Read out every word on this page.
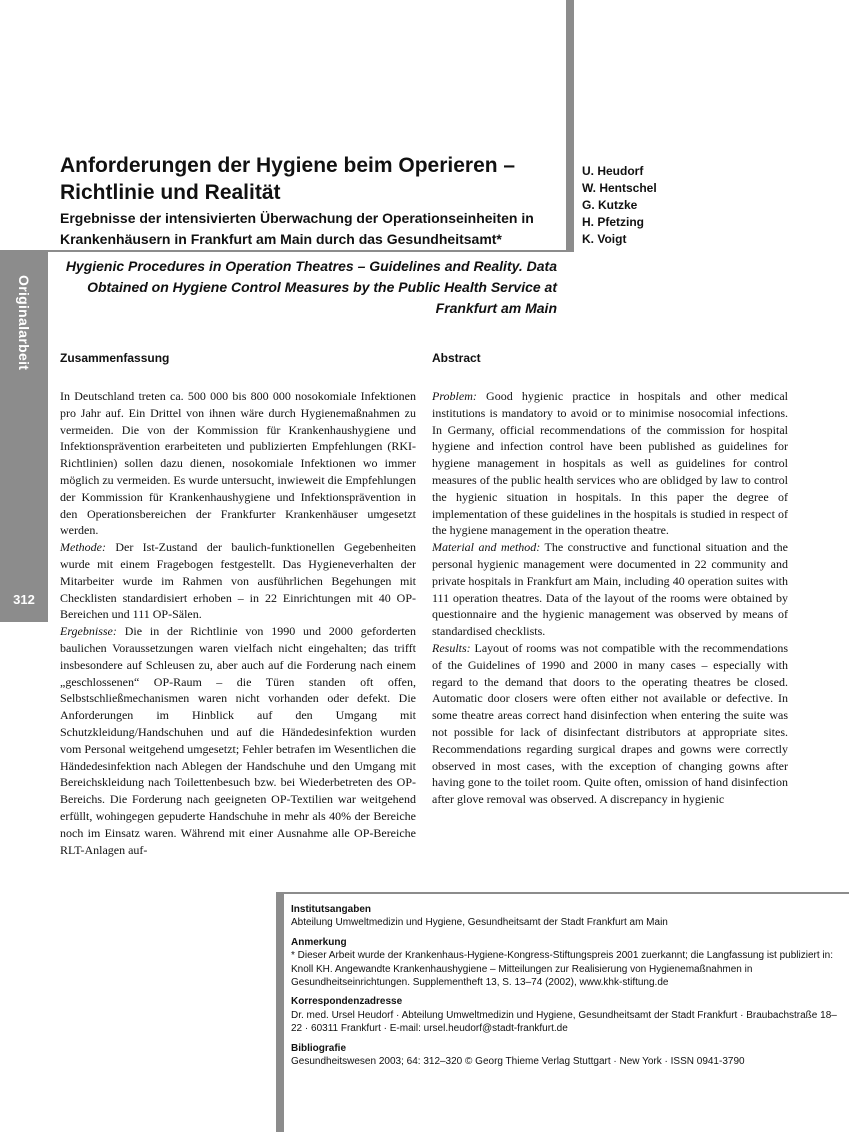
Originalarbeit
312
Anforderungen der Hygiene beim Operieren – Richtlinie und Realität
Ergebnisse der intensivierten Überwachung der Operationseinheiten in Krankenhäusern in Frankfurt am Main durch das Gesundheitsamt*
U. Heudorf
W. Hentschel
G. Kutzke
H. Pfetzing
K. Voigt
Hygienic Procedures in Operation Theatres – Guidelines and Reality. Data Obtained on Hygiene Control Measures by the Public Health Service at Frankfurt am Main
Zusammenfassung

In Deutschland treten ca. 500 000 bis 800 000 nosokomiale Infektionen pro Jahr auf. Ein Drittel von ihnen wäre durch Hygienemaßnahmen zu vermeiden. Die von der Kommission für Krankenhaushygiene und Infektionsprävention erarbeiteten und publizierten Empfehlungen (RKI-Richtlinien) sollen dazu dienen, nosokomiale Infektionen wo immer möglich zu vermeiden. Es wurde untersucht, inwieweit die Empfehlungen der Kommission für Krankenhaushygiene und Infektionsprävention in den Operationsbereichen der Frankfurter Krankenhäuser umgesetzt werden.

Methode: Der Ist-Zustand der baulich-funktionellen Gegebenheiten wurde mit einem Fragebogen festgestellt. Das Hygieneverhalten der Mitarbeiter wurde im Rahmen von ausführlichen Begehungen mit Checklisten standardisiert erhoben – in 22 Einrichtungen mit 40 OP-Bereichen und 111 OP-Sälen.

Ergebnisse: Die in der Richtlinie von 1990 und 2000 geforderten baulichen Voraussetzungen waren vielfach nicht eingehalten; das trifft insbesondere auf Schleusen zu, aber auch auf die Forderung nach einem „geschlossenen“ OP-Raum – die Türen standen oft offen, Selbstschließmechanismen waren nicht vorhanden oder defekt. Die Anforderungen im Hinblick auf den Umgang mit Schutzkleidung/Handschuhen und auf die Händedesinfektion wurden vom Personal weitgehend umgesetzt; Fehler betrafen im Wesentlichen die Händedesinfektion nach Ablegen der Handschuhe und den Umgang mit Bereichskleidung nach Toilettenbesuch bzw. bei Wiederbetreten des OP-Bereichs. Die Forderung nach geeigneten OP-Textilien war weitgehend erfüllt, wohingegen gepuderte Handschuhe in mehr als 40% der Bereiche noch im Einsatz waren. Während mit einer Ausnahme alle OP-Bereiche RLT-Anlagen auf-

Abstract

Problem: Good hygienic practice in hospitals and other medical institutions is mandatory to avoid or to minimise nosocomial infections. In Germany, official recommendations of the commission for hospital hygiene and infection control have been published as guidelines for hygiene management in hospitals as well as guidelines for control measures of the public health services who are oblidged by law to control the hygienic situation in hospitals. In this paper the degree of implementation of these guidelines in the hospitals is studied in respect of the hygiene management in the operation theatre.

Material and method: The constructive and functional situation and the personal hygienic management were documented in 22 community and private hospitals in Frankfurt am Main, including 40 operation suites with 111 operation theatres. Data of the layout of the rooms were obtained by questionnaire and the hygienic management was observed by means of standardised checklists.

Results: Layout of rooms was not compatible with the recommendations of the Guidelines of 1990 and 2000 in many cases – especially with regard to the demand that doors to the operating theatres be closed. Automatic door closers were often either not available or defective. In some theatre areas correct hand disinfection when entering the suite was not possible for lack of disinfectant distributors at appropriate sites. Recommendations regarding surgical drapes and gowns were correctly observed in most cases, with the exception of changing gowns after having gone to the toilet room. Quite often, omission of hand disinfection after glove removal was observed. A discrepancy in hygienic

Institutsangaben
Abteilung Umweltmedizin und Hygiene, Gesundheitsamt der Stadt Frankfurt am Main
Anmerkung
* Dieser Arbeit wurde der Krankenhaus-Hygiene-Kongress-Stiftungspreis 2001 zuerkannt; die Langfassung ist publiziert in: Knoll KH. Angewandte Krankenhaushygiene – Mitteilungen zur Realisierung von Hygienemaßnahmen in Gesundheitseinrichtungen. Supplementheft 13, S. 13–74 (2002), www.khk-stiftung.de
Korrespondenzadresse
Dr. med. Ursel Heudorf · Abteilung Umweltmedizin und Hygiene, Gesundheitsamt der Stadt Frankfurt · Braubachstraße 18–22 · 60311 Frankfurt · E-mail: ursel.heudorf@stadt-frankfurt.de
Bibliografie
Gesundheitswesen 2003; 64: 312–320 © Georg Thieme Verlag Stuttgart · New York · ISSN 0941-3790
